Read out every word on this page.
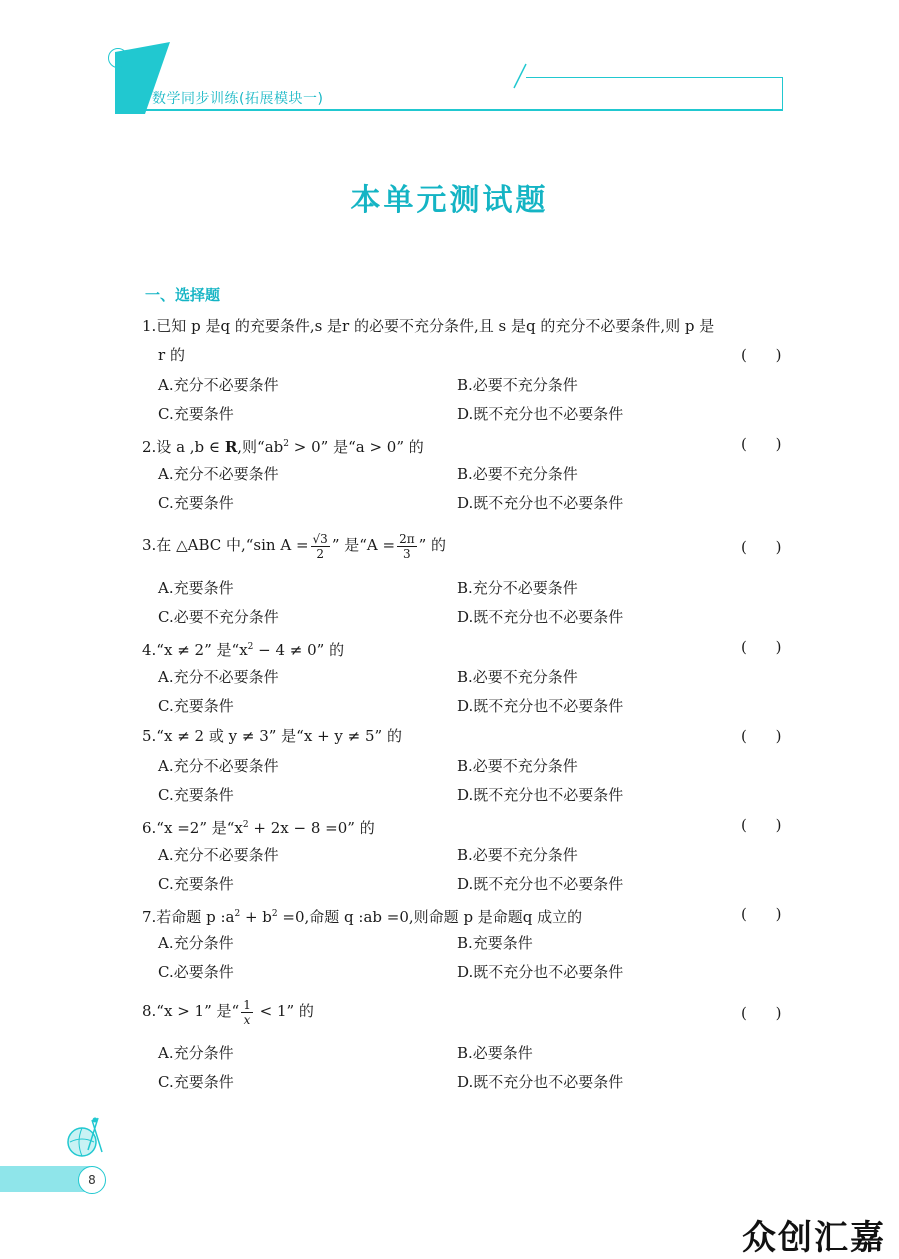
数学同步训练(拓展模块一)
本单元测试题
一、选择题
1.已知 p 是q 的充要条件,s 是r 的必要不充分条件,且 s 是q 的充分不必要条件,则 p 是
r 的	( )
A.充分不必要条件	B.必要不充分条件
C.充要条件	D.既不充分也不必要条件
2.设 a ,b ∈ R,则“$ab^2 > 0$” 是“a > 0” 的	( )
A.充分不必要条件	B.必要不充分条件
C.充要条件	D.既不充分也不必要条件
3.在 △ABC 中,“sin $A = \frac{√3}{2}$ ” 是“$A = \frac{2\pi}{3}$ ” 的	( )
A.充要条件	B.充分不必要条件
C.必要不充分条件	D.既不充分也不必要条件
4.“x ≠ 2” 是“$x^2 - 4 \ne 0$” 的	( )
A.充分不必要条件	B.必要不充分条件
C.充要条件	D.既不充分也不必要条件
5.“x ≠ 2 或 y ≠ 3” 是“x + y ≠ 5” 的	( )
A.充分不必要条件	B.必要不充分条件
C.充要条件	D.既不充分也不必要条件
6.“x =2” 是“$x^2 + 2x - 8 =0$” 的	( )
A.充分不必要条件	B.必要不充分条件
C.充要条件	D.既不充分也不必要条件
7.若命题 p $:a^2 + b^2 =0$,命题 q :ab =0,则命题 p 是命题q 成立的	( )
A.充分条件	B.充要条件
C.必要条件	D.既不充分也不必要条件
8.“x > 1” 是“ $\frac{1}{x} < 1$” 的	( )
A.充分条件	B.必要条件
C.充要条件	D.既不充分也不必要条件
8
众创汇嘉
